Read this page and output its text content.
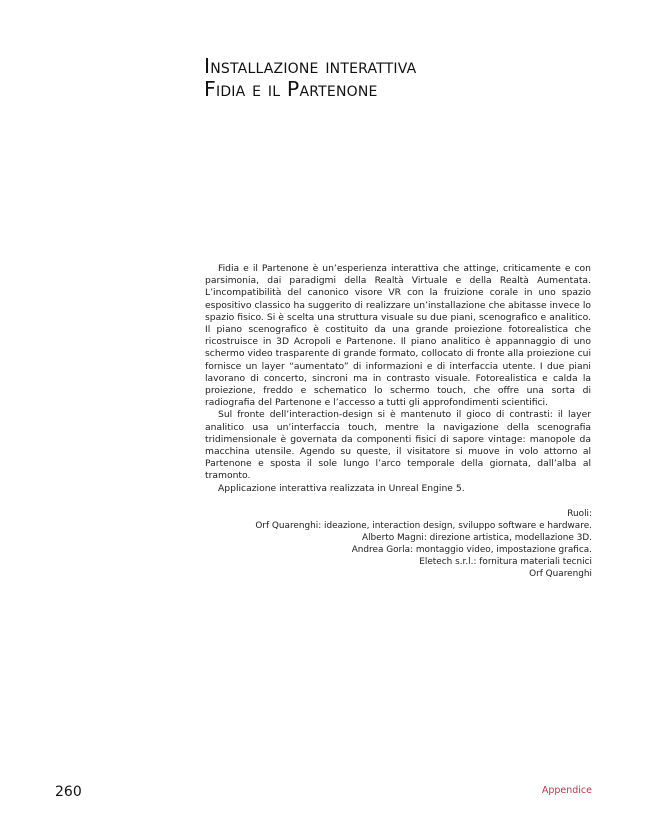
Installazione interattiva
Fidia e il Partenone

Fidia e il Partenone è un’esperienza interattiva che attinge, criticamente e con parsimonia, dai paradigmi della Realtà Virtuale e della Realtà Aumentata. L’incompatibilità del canonico visore VR con la fruizione corale in uno spazio espositivo classico ha suggerito di realizzare un’installazione che abitasse invece lo spazio fisico. Si è scelta una struttura visuale su due piani, scenografico e analitico. Il piano scenografico è costituito da una grande proiezione fotorealistica che ricostruisce in 3D Acropoli e Partenone. Il piano analitico è appannaggio di uno schermo video trasparente di grande formato, collocato di fronte alla proiezione cui fornisce un layer “aumentato” di informazioni e di interfaccia utente. I due piani lavorano di concerto, sincroni ma in contrasto visuale. Fotorealistica e calda la proiezione, freddo e schematico lo schermo touch, che offre una sorta di radiografia del Partenone e l’accesso a tutti gli approfondimenti scientifici.

Sul fronte dell’interaction-design si è mantenuto il gioco di contrasti: il layer analitico usa un’interfaccia touch, mentre la navigazione della scenografia tridimensionale è governata da componenti fisici di sapore vintage: manopole da macchina utensile. Agendo su queste, il visitatore si muove in volo attorno al Partenone e sposta il sole lungo l’arco temporale della giornata, dall’alba al tramonto.

Applicazione interattiva realizzata in Unreal Engine 5.

Ruoli:
Orf Quarenghi: ideazione, interaction design, sviluppo software e hardware.
Alberto Magni: direzione artistica, modellazione 3D.
Andrea Gorla: montaggio video, impostazione grafica.
Eletech s.r.l.: fornitura materiali tecnici
Orf Quarenghi
260	Appendice
